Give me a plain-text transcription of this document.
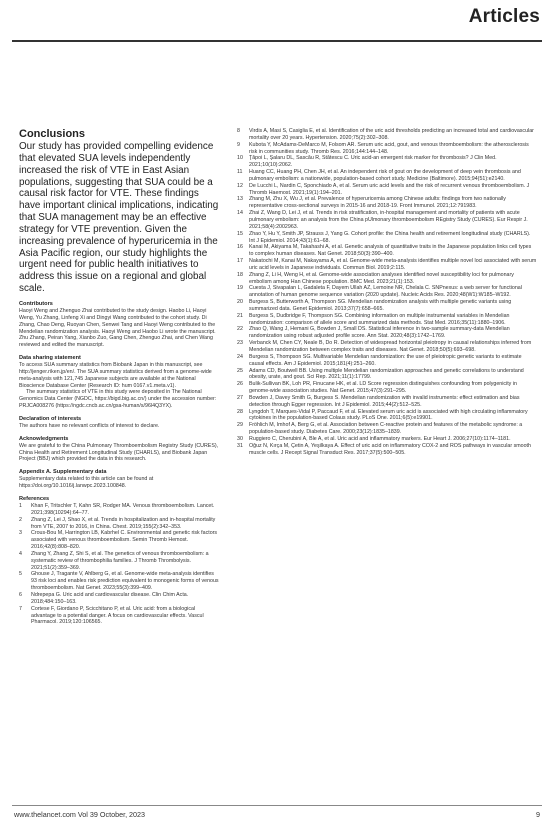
Articles
Conclusions
Our study has provided compelling evidence that elevated SUA levels independently increased the risk of VTE in East Asian populations, suggesting that SUA could be a causal risk factor for VTE. These findings have important clinical implications, indicating that SUA management may be an effective strategy for VTE prevention. Given the increasing prevalence of hyperuricemia in the Asia Pacific region, our study highlights the urgent need for public health initiatives to address this issue on a regional and global scale.
Contributors
Haoyi Weng and Zhenguo Zhai contributed to the study design. Haobo Li, Haoyi Weng, Yu Zhang, Linfeng Xi and Dingyi Wang contributed to the cohort study. Di Zhang, Chao Deng, Ruoyan Chen, Senwei Tang and Haoyi Weng contributed to the Mendelian randomization analysis. Haoyi Weng and Haobo Li wrote the manuscript. Zhu Zhang, Peiran Yang, Xianbo Zuo, Gang Chen, Zhenguo Zhai, and Chen Wang reviewed and edited the manuscript.
Data sharing statement
To access SUA summary statistics from Biobank Japan in this manuscript, see http://jenger.riken.jp/en/. The SUA summary statistics derived from a genome-wide meta-analysis with 121,745 Japanese subjects are available at the National Bioscience Database Center (Research ID: hum 0167.v1.meta.v1).
The summary statistics of VTE in this study were deposited in The National Genomics Data Center (NGDC, https://bigd.big.ac.cn/) under the accession number: PRJCA008276 (https://ngdc.cncb.ac.cn/gsa-human/s/96l4Q3YX).
Declaration of interests
The authors have no relevant conflicts of interest to declare.
Acknowledgments
We are grateful to the China Pulmonary Thromboembolism Registry Study (CURES), China Health and Retirement Longitudinal Study (CHARLS), and Biobank Japan Project (BBJ) which provided the data in this research.
Appendix A. Supplementary data
Supplementary data related to this article can be found at https://doi.org/10.1016/j.lanwpc.2023.100848.
References
1	Khan F, Tritschler T, Kahn SR, Rodger MA. Venous thromboembolism. Lancet. 2021;398(10294):64–77.
2	Zhang Z, Lei J, Shao X, et al. Trends in hospitalization and in-hospital mortality from VTE, 2007 to 2016, in China. Chest. 2019;155(2):342–353.
3	Crous-Bou M, Harrington LB, Kabrhel C. Environmental and genetic risk factors associated with venous thromboembolism. Semin Thromb Hemost. 2016;42(8):808–820.
4	Zhang Y, Zhang Z, Shi S, et al. The genetics of venous thromboembolism: a systematic review of thrombophilia families. J Thromb Thrombolysis. 2021;51(2):359–369.
5	Ghouse J, Tragante V, Ahlberg G, et al. Genome-wide meta-analysis identifies 93 risk loci and enables risk prediction equivalent to monogenic forms of venous thromboembolism. Nat Genet. 2023;55(3):399–409.
6	Ndrepepa G. Uric acid and cardiovascular disease. Clin Chim Acta. 2018;484:150–163.
7	Cortese F, Giordano P, Scicchitano P, et al. Uric acid: from a biological advantage to a potential danger. A focus on cardiovascular effects. Vascul Pharmacol. 2019;120:106565.
8	Virdis A, Masi S, Casiglia E, et al. Identification of the uric acid thresholds predicting an increased total and cardiovascular mortality over 20 years. Hypertension. 2020;75(2):302–308.
9	Kubota Y, McAdams-DeMarco M, Folsom AR. Serum uric acid, gout, and venous thromboembolism: the atherosclerosis risk in communities study. Thromb Res. 2016;144:144–148.
10	Ţăpoi L, Şalaru DL, Sascău R, Stătescu C. Uric acid-an emergent risk marker for thrombosis? J Clin Med. 2021;10(10):2062.
11	Huang CC, Huang PH, Chen JH, et al. An independent risk of gout on the development of deep vein thrombosis and pulmonary embolism: a nationwide, population-based cohort study. Medicine (Baltimore). 2015;94(51):e2140.
12	De Lucchi L, Nardin C, Sponchiado A, et al. Serum uric acid levels and the risk of recurrent venous thromboembolism. J Thromb Haemost. 2021;19(1):194–201.
13	Zhang M, Zhu X, Wu J, et al. Prevalence of hyperuricemia among Chinese adults: findings from two nationally representative cross-sectional surveys in 2015-16 and 2018-19. Front Immunol. 2021;12:791983.
14	Zhai Z, Wang D, Lei J, et al. Trends in risk stratification, in-hospital management and mortality of patients with acute pulmonary embolism: an analysis from the China pUlmonary thromboembolism REgistry Study (CURES). Eur Respir J. 2021;58(4):2002963.
15	Zhao Y, Hu Y, Smith JP, Strauss J, Yang G. Cohort profile: the China health and retirement longitudinal study (CHARLS). Int J Epidemiol. 2014;43(1):61–68.
16	Kanai M, Akiyama M, Takahashi A, et al. Genetic analysis of quantitative traits in the Japanese population links cell types to complex human diseases. Nat Genet. 2018;50(3):390–400.
17	Nakatochi M, Kanai M, Nakayama A, et al. Genome-wide meta-analysis identifies multiple novel loci associated with serum uric acid levels in Japanese individuals. Commun Biol. 2019;2:115.
18	Zhang Z, Li H, Weng H, et al. Genome-wide association analyses identified novel susceptibility loci for pulmonary embolism among Han Chinese population. BMC Med. 2023;21(1):153.
19	Cuesta J, Sivapalan L, Gadaleta F, Dayem Ullah AZ, Lemoine NR, Chelala C. SNPnexus: a web server for functional annotation of human genome sequence variation (2020 update). Nucleic Acids Res. 2020;48(W1):W185–W192.
20	Burgess S, Butterworth A, Thompson SG. Mendelian randomization analysis with multiple genetic variants using summarized data. Genet Epidemiol. 2013;37(7):658–665.
21	Burgess S, Dudbridge F, Thompson SG. Combining information on multiple instrumental variables in Mendelian randomization: comparison of allele score and summarized data methods. Stat Med. 2016;35(11):1880–1906.
22	Zhao Q, Wang J, Hemani G, Bowden J, Small DS. Statistical inference in two-sample summary-data Mendelian randomization using robust adjusted profile score. Ann Stat. 2020;48(3):1742–1769.
23	Verbanck M, Chen CY, Neale B, Do R. Detection of widespread horizontal pleiotropy in causal relationships inferred from Mendelian randomization between complex traits and diseases. Nat Genet. 2018;50(5):693–698.
24	Burgess S, Thompson SG. Multivariable Mendelian randomization: the use of pleiotropic genetic variants to estimate causal effects. Am J Epidemiol. 2015;181(4):251–260.
25	Adams CD, Boutwell BB. Using multiple Mendelian randomization approaches and genetic correlations to understand obesity, urate, and gout. Sci Rep. 2021;11(1):17799.
26	Bulik-Sullivan BK, Loh PR, Finucane HK, et al. LD Score regression distinguishes confounding from polygenicity in genome-wide association studies. Nat Genet. 2015;47(3):291–295.
27	Bowden J, Davey Smith G, Burgess S. Mendelian randomization with invalid instruments: effect estimation and bias detection through Egger regression. Int J Epidemiol. 2015;44(2):512–525.
28	Lyngdoh T, Marques-Vidal P, Paccaud F, et al. Elevated serum uric acid is associated with high circulating inflammatory cytokines in the population-based Colaus study. PLoS One. 2011;6(5):e19901.
29	Fröhlich M, Imhof A, Berg G, et al. Association between C-reactive protein and features of the metabolic syndrome: a population-based study. Diabetes Care. 2000;23(12):1835–1839.
30	Ruggiero C, Cherubini A, Ble A, et al. Uric acid and inflammatory markers. Eur Heart J. 2006;27(10):1174–1181.
31	Oğuz N, Kırça M, Çetin A, Yeşilkaya A. Effect of uric acid on inflammatory COX-2 and ROS pathways in vascular smooth muscle cells. J Recept Signal Transduct Res. 2017;37(5):500–505.
www.thelancet.com Vol 39 October, 2023	9
